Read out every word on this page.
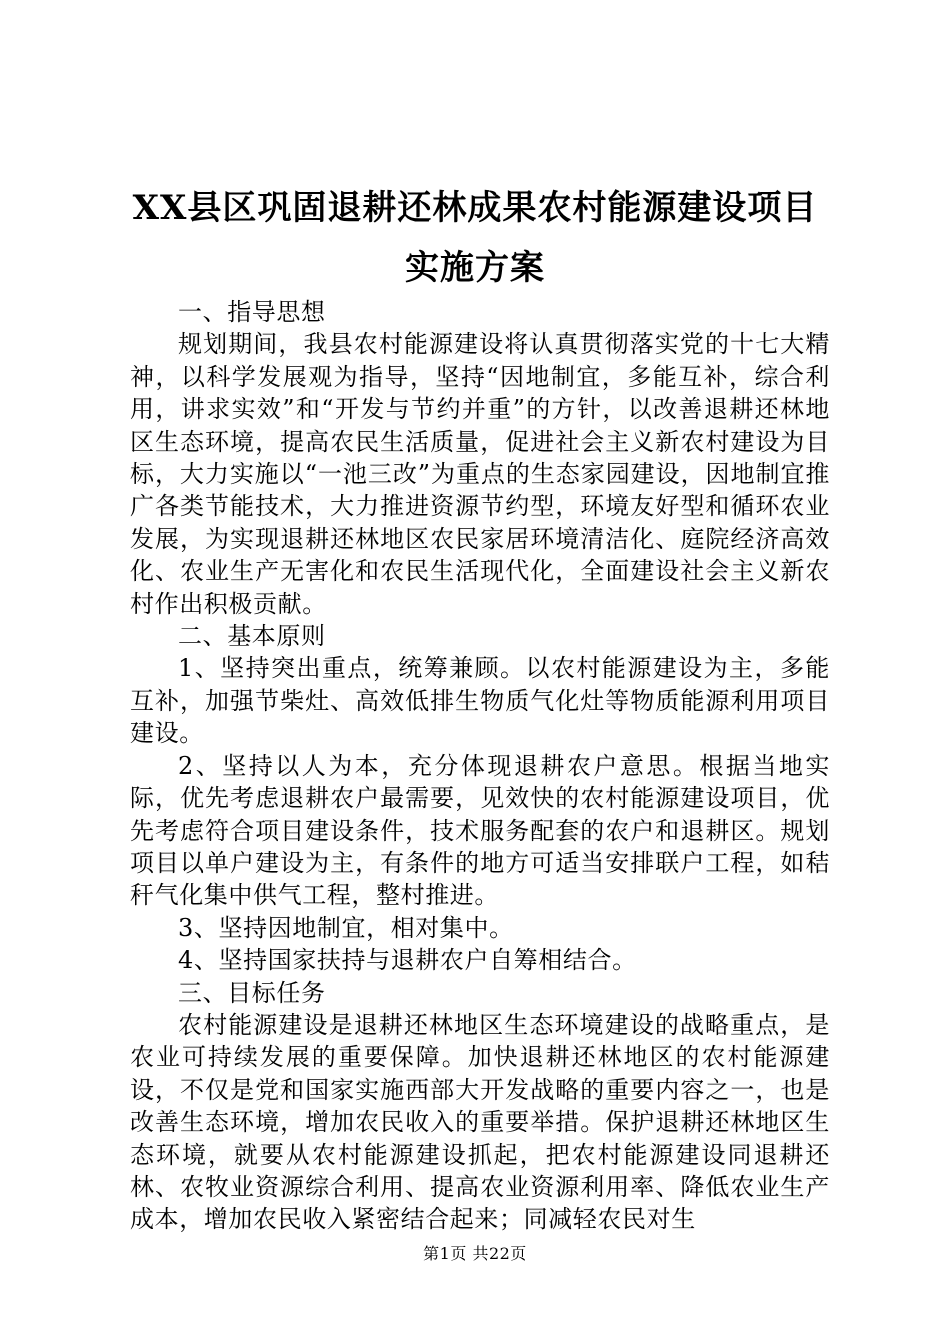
XX县区巩固退耕还林成果农村能源建设项目
实施方案

一、指导思想

规划期间，我县农村能源建设将认真贯彻落实党的十七大精神，以科学发展观为指导，坚持“因地制宜，多能互补，综合利用，讲求实效”和“开发与节约并重”的方针，以改善退耕还林地区生态环境，提高农民生活质量，促进社会主义新农村建设为目标，大力实施以“一池三改”为重点的生态家园建设，因地制宜推广各类节能技术，大力推进资源节约型，环境友好型和循环农业发展，为实现退耕还林地区农民家居环境清洁化、庭院经济高效化、农业生产无害化和农民生活现代化，全面建设社会主义新农村作出积极贡献。

二、基本原则

1、坚持突出重点，统筹兼顾。以农村能源建设为主，多能互补，加强节柴灶、高效低排生物质气化灶等物质能源利用项目建设。

2、坚持以人为本，充分体现退耕农户意思。根据当地实际，优先考虑退耕农户最需要，见效快的农村能源建设项目，优先考虑符合项目建设条件，技术服务配套的农户和退耕区。规划项目以单户建设为主，有条件的地方可适当安排联户工程，如秸秆气化集中供气工程，整村推进。

3、坚持因地制宜，相对集中。

4、坚持国家扶持与退耕农户自筹相结合。

三、目标任务

农村能源建设是退耕还林地区生态环境建设的战略重点，是农业可持续发展的重要保障。加快退耕还林地区的农村能源建设，不仅是党和国家实施西部大开发战略的重要内容之一，也是改善生态环境，增加农民收入的重要举措。保护退耕还林地区生态环境，就要从农村能源建设抓起，把农村能源建设同退耕还林、农牧业资源综合利用、提高农业资源利用率、降低农业生产成本，增加农民收入紧密结合起来；同减轻农民对生

第1页 共22页
